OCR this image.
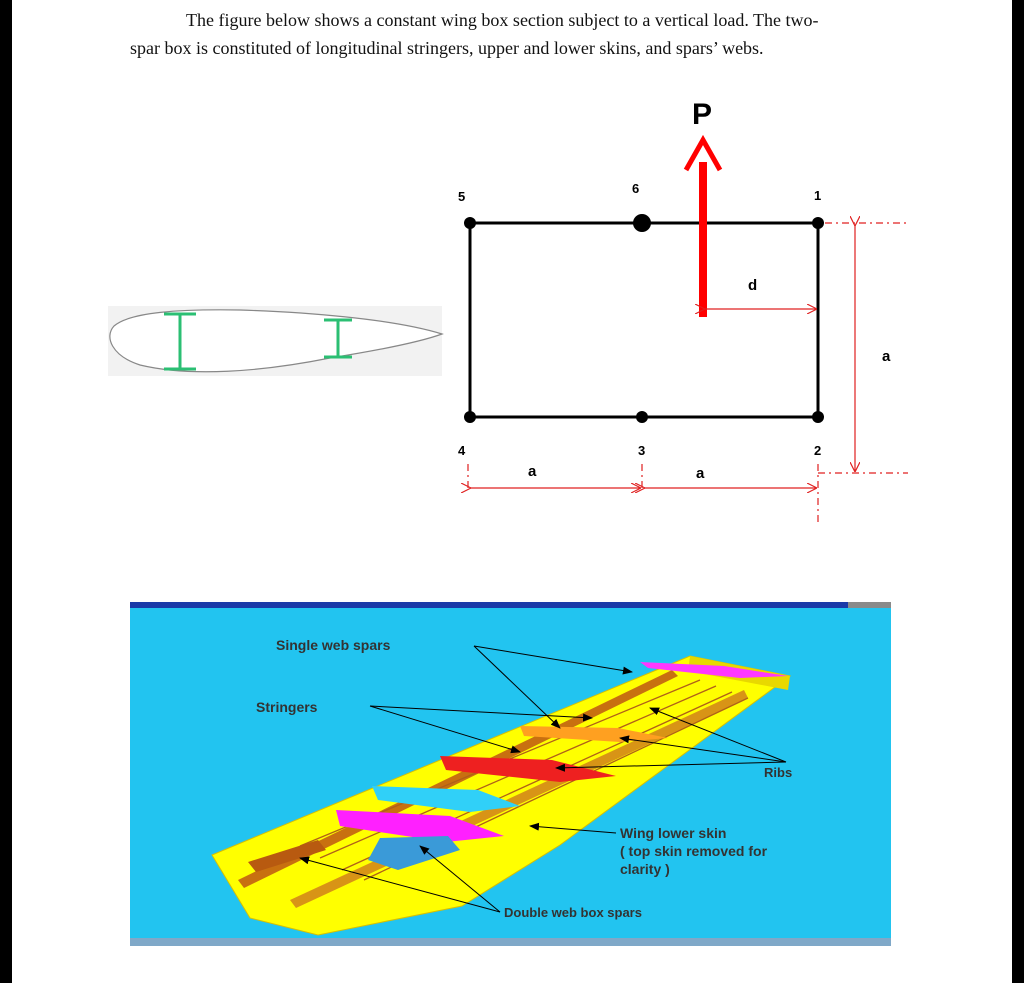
The figure below shows a constant wing box section subject to a vertical load. The two-
spar box is constituted of longitudinal stringers, upper and lower skins, and spars’ webs.

1
2
3
4
5
6
P
d
a
a	a
Single web spars
Stringers
Ribs
Wing lower skin
( top skin removed for
clarity )
Double web box spars
